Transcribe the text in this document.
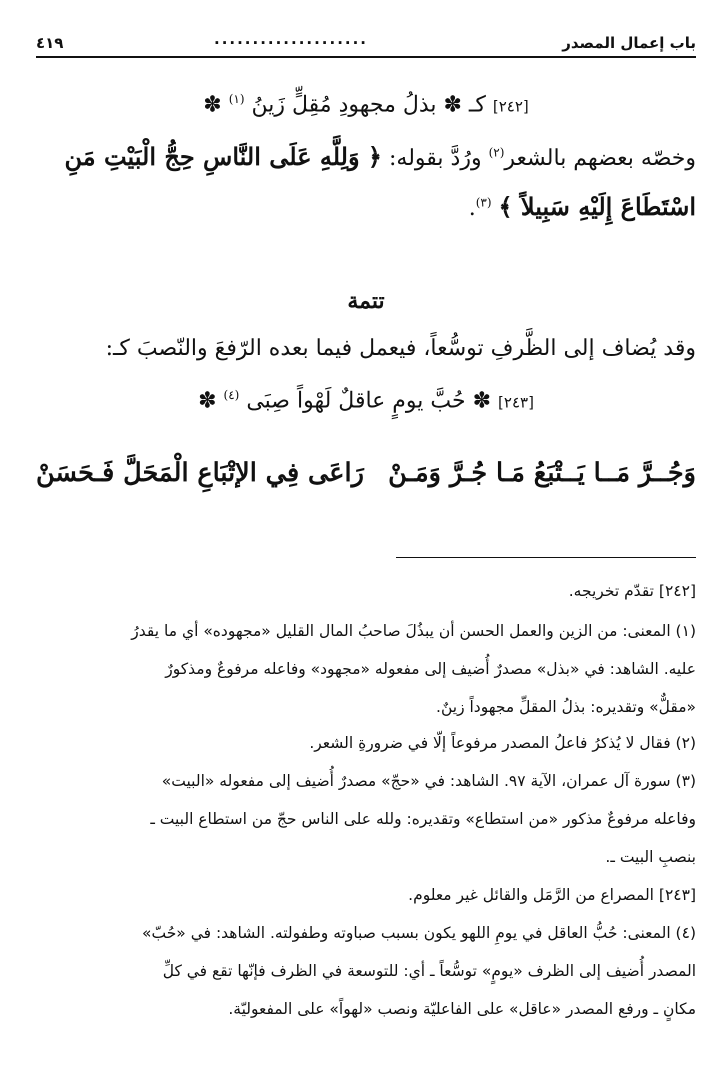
باب إعمال المصدر
....................
٤١٩
[٢٤٢] كـ ✽ بذلُ مجهودِ مُقِلٍّ زَينُ $^{(١)}$ ✽
وخصّه بعضهم بالشعر$^{(٢)}$ ورُدَّ بقوله: ﴿ وَلِلَّهِ عَلَى النَّاسِ حِجُّ الْبَيْتِ مَنِ
اسْتَطَاعَ إِلَيْهِ سَبِيلاً ﴾ $^{(٣)}$.
تتمة
وقد يُضاف إلى الظَّرفِ توسُّعاً، فيعمل فيما بعده الرّفعَ والنّصبَ كـ:
[٢٤٣] ✽ حُبَّ يومٍ عاقلٌ لَهْواً صِبَى $^{(٤)}$ ✽
وَجُــرَّ مَــا يَــتْبَعُ مَـا جُـرَّ وَمَـنْ
رَاعَى فِي الإتْبَاعِ الْمَحَلَّ فَـحَسَنْ
[٢٤٢] تقدّم تخريجه.
(١) المعنى: من الزين والعمل الحسن أن يبذُلَ صاحبُ المال القليل «مجهوده» أي ما يقدرُ
عليه. الشاهد: في «بذل» مصدرٌ أُضيف إلى مفعوله «مجهود» وفاعله مرفوعٌ ومذكورٌ
«مقلٌّ» وتقديره: بذلُ المقلِّ مجهوداً زينٌ.
(٢) فقال لا يُذكرُ فاعلُ المصدر مرفوعاً إلّا في ضرورةِ الشعر.
(٣) سورة آل عمران، الآية ٩٧. الشاهد: في «حجّ» مصدرٌ أُضيف إلى مفعوله «البيت»
وفاعله مرفوعٌ مذكور «من استطاع» وتقديره: ولله على الناس حجّ من استطاع البيت ـ
بنصبِ البيت ـ.
[٢٤٣] المصراع من الرَّمَل والقائل غير معلوم.
(٤) المعنى: حُبُّ العاقل في يومِ اللهو يكون بسبب صباوته وطفولته. الشاهد: في «حُبّ»
المصدر أُضيف إلى الظرف «يومٍ» توسُّعاً ـ أي: للتوسعة في الظرف فإنّها تقع في كلِّ
مكانٍ ـ ورفع المصدر «عاقل» على الفاعليّة ونصب «لهواً» على المفعوليّة.
